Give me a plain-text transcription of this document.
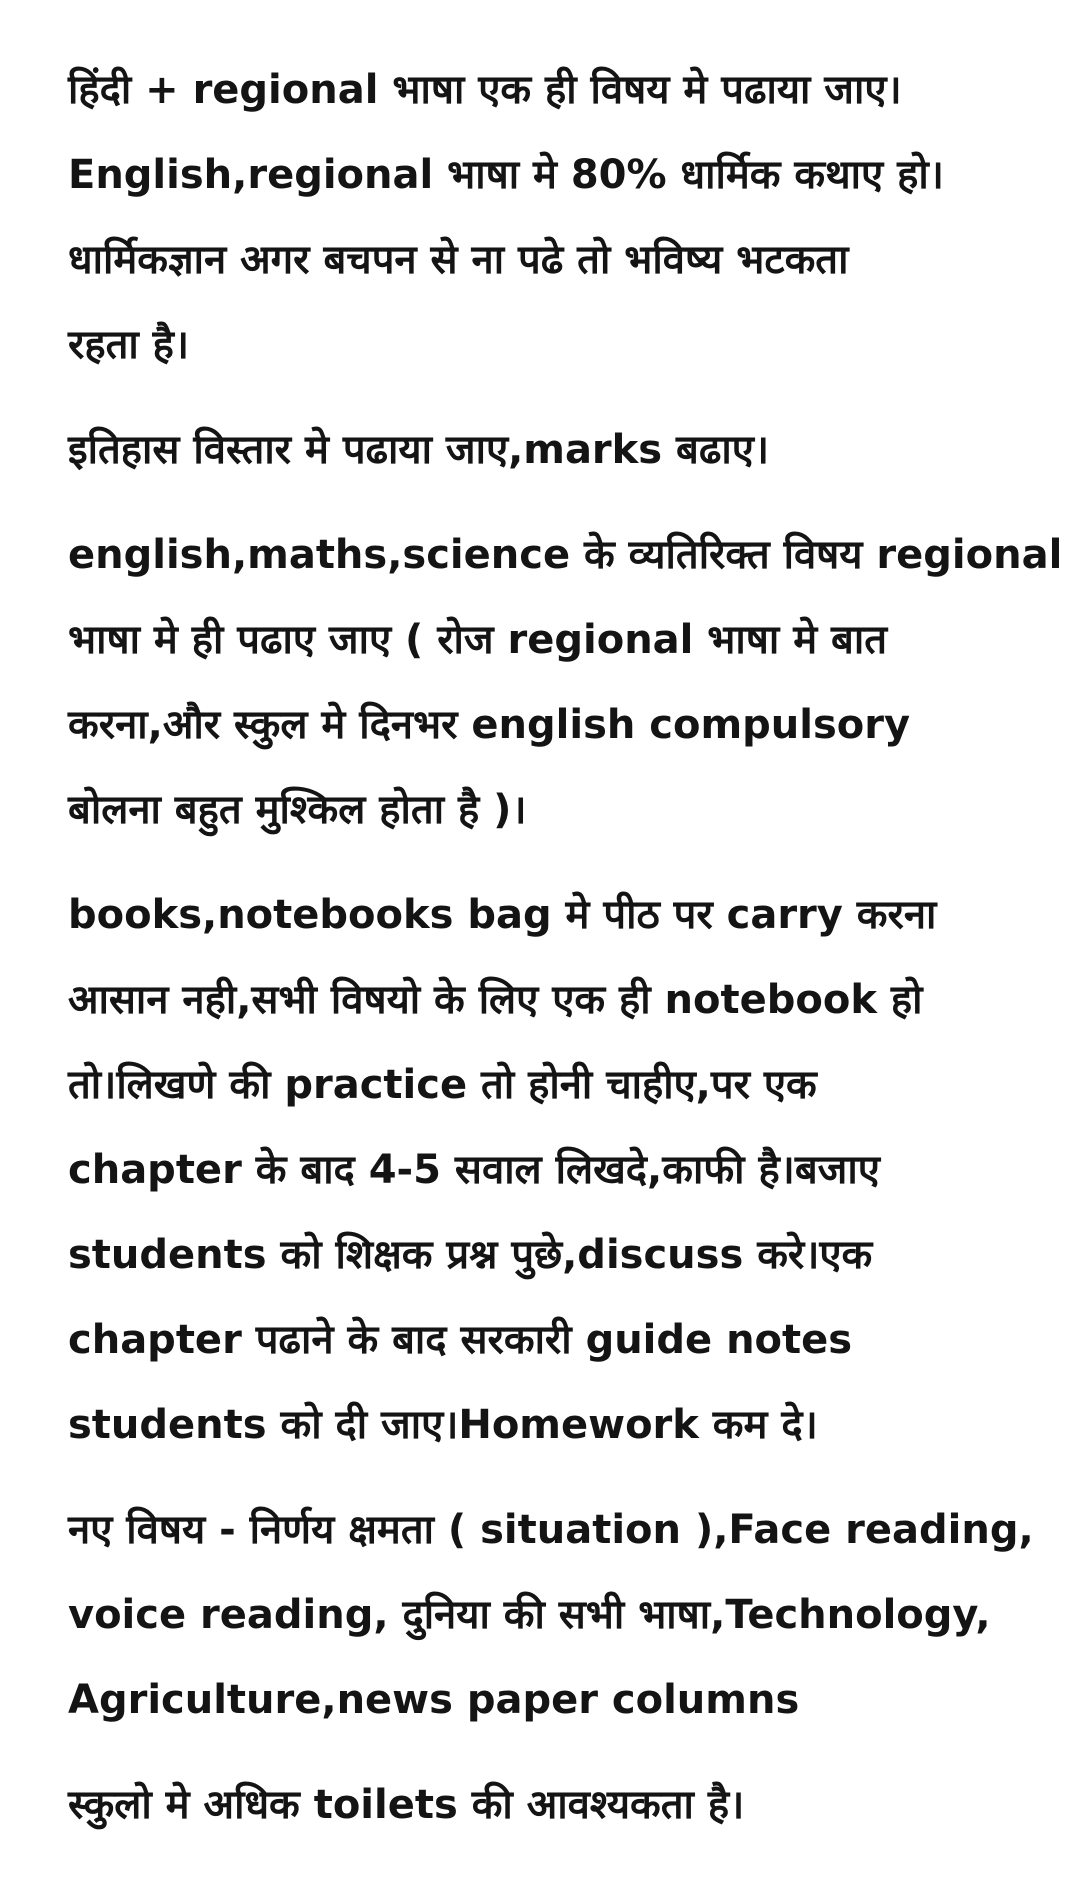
हिंदी + regional भाषा एक ही विषय मे पढाया जाए।
English,regional भाषा मे 80% धार्मिक कथाए हो।
धार्मिकज्ञान अगर बचपन से ना पढे तो भविष्य भटकता
रहता है।

इतिहास विस्तार मे पढाया जाए,marks बढाए।

english,maths,science के व्यतिरिक्त विषय regional
भाषा मे ही पढाए जाए ( रोज regional भाषा मे बात
करना,और स्कुल मे दिनभर english compulsory
बोलना बहुत मुश्किल होता है )।

books,notebooks bag मे पीठ पर carry करना
आसान नही,सभी विषयो के लिए एक ही notebook हो
तो।लिखणे की practice तो होनी चाहीए,पर एक
chapter के बाद 4-5 सवाल लिखदे,काफी है।बजाए
students को शिक्षक प्रश्न पुछे,discuss करे।एक
chapter पढाने के बाद सरकारी guide notes
students को दी जाए।Homework कम दे।

नए विषय - निर्णय क्षमता ( situation ),Face reading,
voice reading, दुनिया की सभी भाषा,Technology,
Agriculture,news paper columns

स्कुलो मे अधिक toilets की आवश्यकता है।
